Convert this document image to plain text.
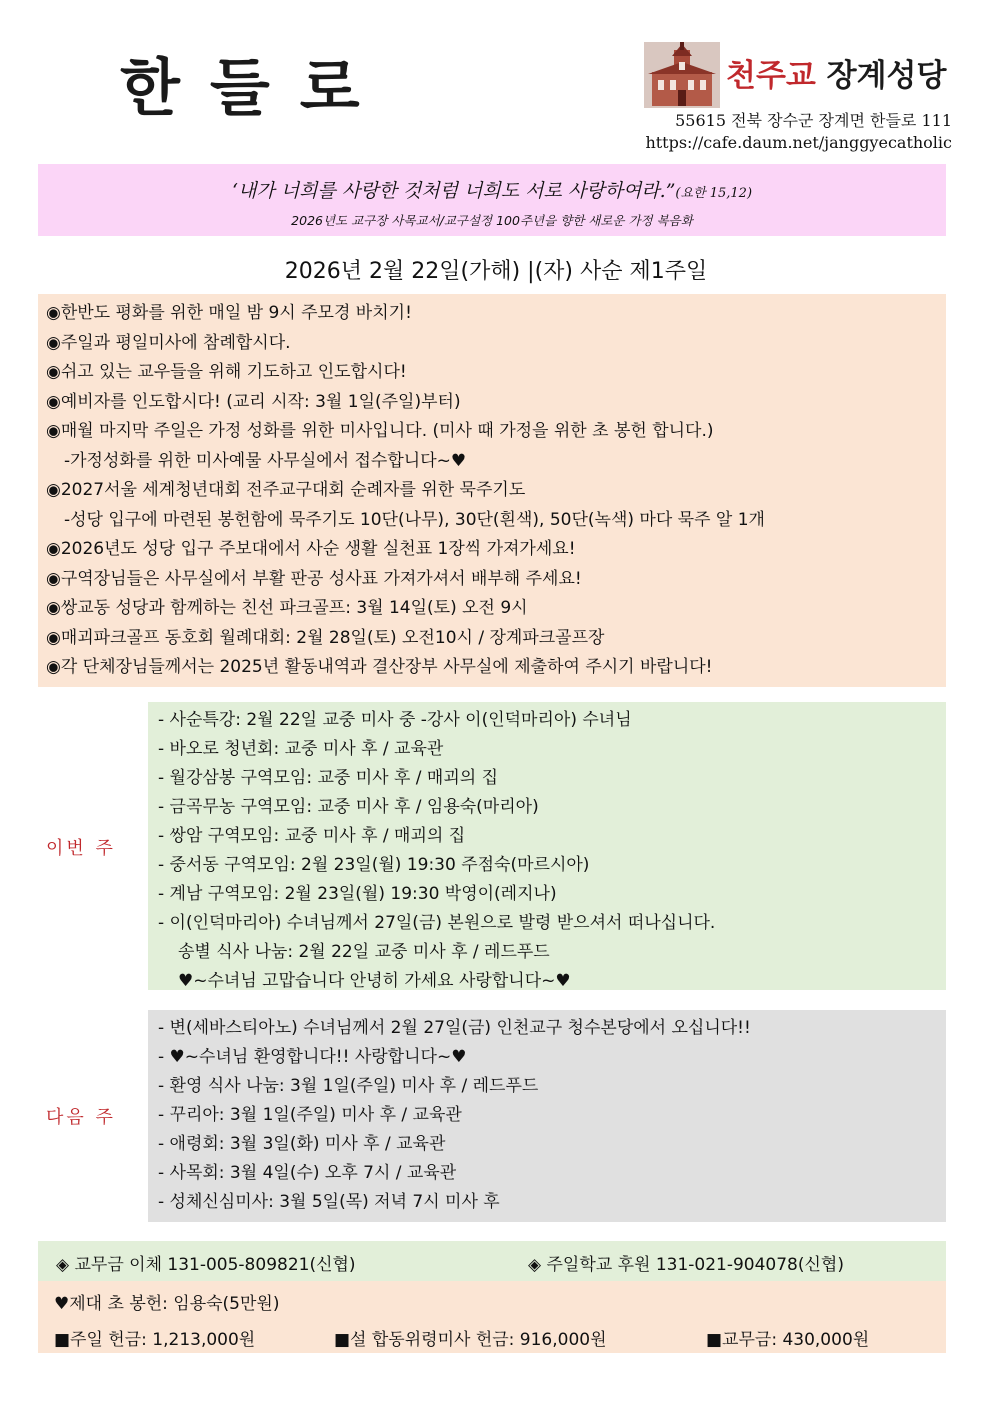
한들로	천주교 장계성당
55615 전북 장수군 장계면 한들로 111
https://cafe.daum.net/janggyecatholic
‘내가 너희를 사랑한 것처럼 너희도 서로 사랑하여라.”(요한 15,12)
2026년도 교구장 사목교서/교구설정 100주년을 향한 새로운 가정 복음화
2026년 2월 22일(가해) |(자) 사순 제1주일
◉한반도 평화를 위한 매일 밤 9시 주모경 바치기!
◉주일과 평일미사에 참례합시다.
◉쉬고 있는 교우들을 위해 기도하고 인도합시다!
◉예비자를 인도합시다! (교리 시작: 3월 1일(주일)부터)
◉매월 마지막 주일은 가정 성화를 위한 미사입니다. (미사 때 가정을 위한 초 봉헌 합니다.)
-가정성화를 위한 미사예물 사무실에서 접수합니다~♥
◉2027서울 세계청년대회 전주교구대회 순례자를 위한 묵주기도
-성당 입구에 마련된 봉헌함에 묵주기도 10단(나무), 30단(흰색), 50단(녹색) 마다 묵주 알 1개
◉2026년도 성당 입구 주보대에서 사순 생활 실천표 1장씩 가져가세요!
◉구역장님들은 사무실에서 부활 판공 성사표 가져가셔서 배부해 주세요!
◉쌍교동 성당과 함께하는 친선 파크골프: 3월 14일(토) 오전 9시
◉매괴파크골프 동호회 월례대회: 2월 28일(토) 오전10시 / 장계파크골프장
◉각 단체장님들께서는 2025년 활동내역과 결산장부 사무실에 제출하여 주시기 바랍니다!
이번 주
- 사순특강: 2월 22일 교중 미사 중 -강사 이(인덕마리아) 수녀님
- 바오로 청년회: 교중 미사 후 / 교육관
- 월강삼봉 구역모임: 교중 미사 후 / 매괴의 집
- 금곡무농 구역모임: 교중 미사 후 / 임용숙(마리아)
- 쌍암 구역모임: 교중 미사 후 / 매괴의 집
- 중서동 구역모임: 2월 23일(월) 19:30 주점숙(마르시아)
- 계남 구역모임: 2월 23일(월) 19:30 박영이(레지나)
- 이(인덕마리아) 수녀님께서 27일(금) 본원으로 발령 받으셔서 떠나십니다.
송별 식사 나눔: 2월 22일 교중 미사 후 / 레드푸드
♥~수녀님 고맙습니다 안녕히 가세요 사랑합니다~♥
다음 주
- 변(세바스티아노) 수녀님께서 2월 27일(금) 인천교구 청수본당에서 오십니다!!
- ♥~수녀님 환영합니다!! 사랑합니다~♥
- 환영 식사 나눔: 3월 1일(주일) 미사 후 / 레드푸드
- 꾸리아: 3월 1일(주일) 미사 후 / 교육관
- 애령회: 3월 3일(화) 미사 후 / 교육관
- 사목회: 3월 4일(수) 오후 7시 / 교육관
- 성체신심미사: 3월 5일(목) 저녁 7시 미사 후
◈ 교무금 이체 131-005-809821(신협)	◈ 주일학교 후원 131-021-904078(신협)
♥제대 초 봉헌: 임용숙(5만원)
■주일 헌금: 1,213,000원	■설 합동위령미사 헌금: 916,000원	■교무금: 430,000원
